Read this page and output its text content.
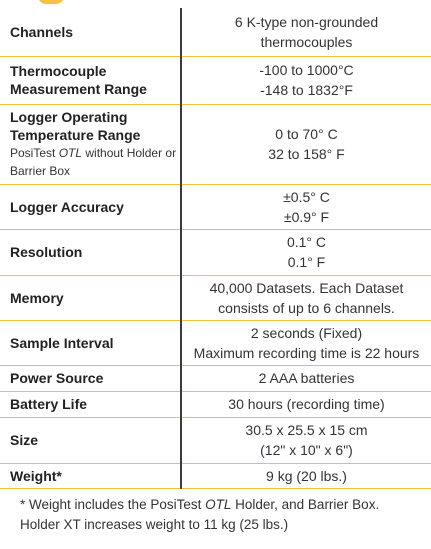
Channels	6 K-type non-grounded
thermocouples

Thermocouple
Measurement Range	-100 to 1000°C
-148 to 1832°F

Logger Operating
Temperature Range
PosiTest OTL without Holder or
Barrier Box	0 to 70° C
32 to 158° F

Logger Accuracy	±0.5° C
±0.9° F

Resolution	0.1° C
0.1° F

Memory	40,000 Datasets. Each Dataset
consists of up to 6 channels.

Sample Interval	2 seconds (Fixed)
Maximum recording time is 22 hours

Power Source	2 AAA batteries

Battery Life	30 hours (recording time)

Size	30.5 x 25.5 x 15 cm
(12" x 10" x 6")

Weight*	9 kg (20 lbs.)
* Weight includes the PosiTest OTL Holder, and Barrier Box.
Holder XT increases weight to 11 kg (25 lbs.)
